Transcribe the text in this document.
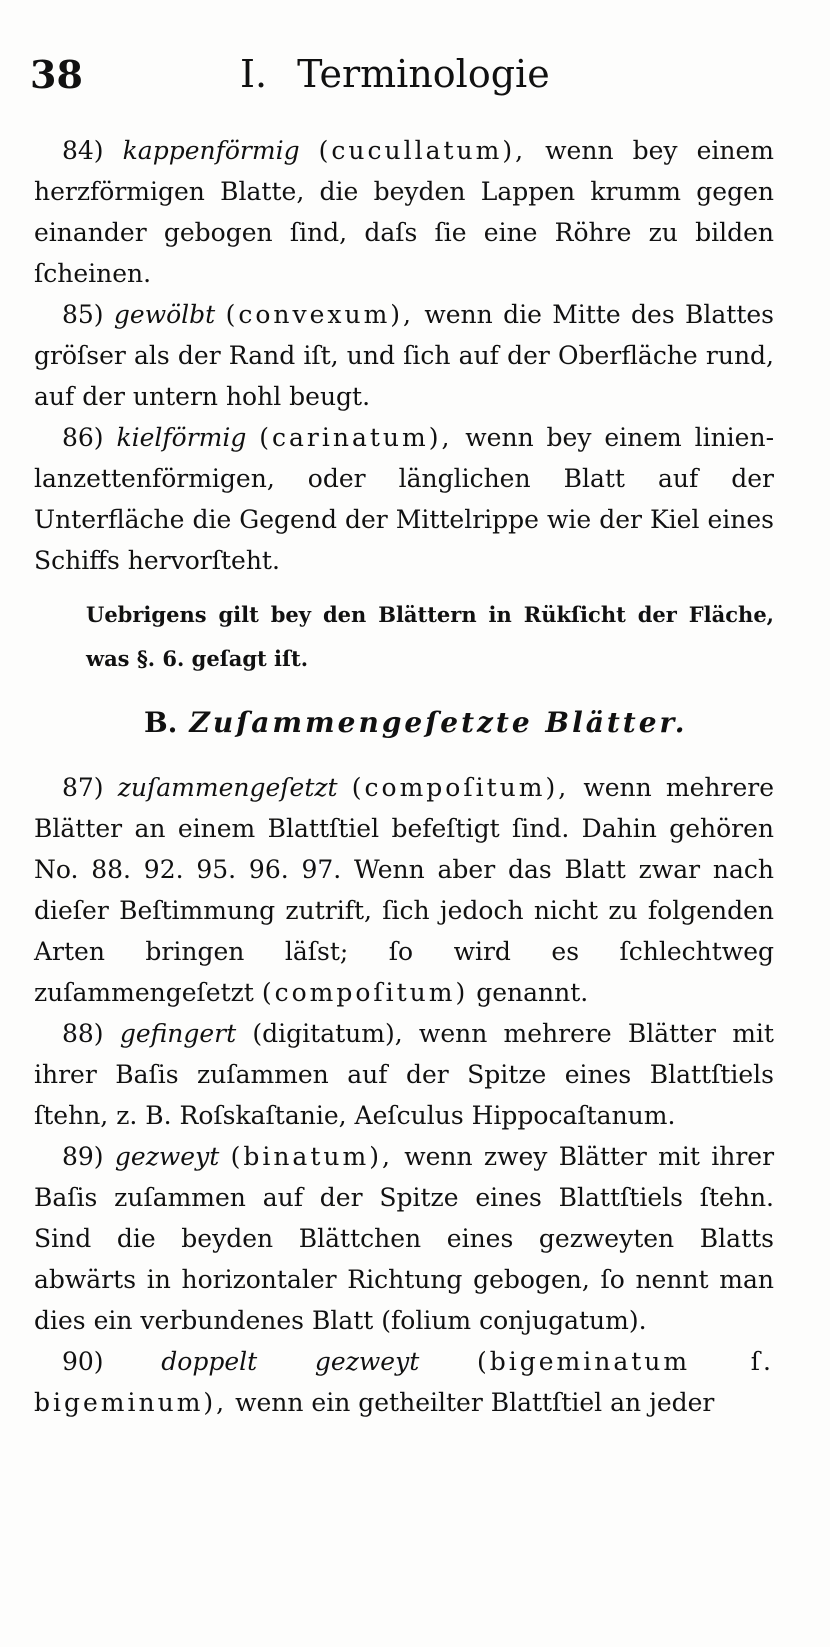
38	I. Terminologie

84) kappenförmig (cucullatum), wenn bey einem herzförmigen Blatte, die beyden Lappen krumm gegen einander gebogen ſind, daſs ſie eine Röhre zu bilden ſcheinen.

85) gewölbt (convexum), wenn die Mitte des Blattes gröſser als der Rand iſt, und ſich auf der Oberfläche rund, auf der untern hohl beugt.

86) kielförmig (carinatum), wenn bey einem linien- lanzettenförmigen, oder länglichen Blatt auf der Unterfläche die Gegend der Mittelrippe wie der Kiel eines Schiffs hervorſteht.

Uebrigens gilt bey den Blättern in Rükſicht der Fläche, was §. 6. geſagt iſt.

B. Zuſammengeſetzte Blätter.

87) zuſammengeſetzt (compoſitum), wenn mehrere Blätter an einem Blattſtiel befeſtigt ſind. Dahin gehören No. 88. 92. 95. 96. 97. Wenn aber das Blatt zwar nach dieſer Beſtimmung zutrift, ſich jedoch nicht zu folgenden Arten bringen läſst; ſo wird es ſchlechtweg zuſammengeſetzt (compoſitum) genannt.

88) gefingert (digitatum), wenn mehrere Blätter mit ihrer Baſis zuſammen auf der Spitze eines Blattſtiels ſtehn, z. B. Roſskaſtanie, Aeſculus Hippocaſtanum.

89) gezweyt (binatum), wenn zwey Blätter mit ihrer Baſis zuſammen auf der Spitze eines Blattſtiels ſtehn. Sind die beyden Blättchen eines gezweyten Blatts abwärts in horizontaler Richtung gebogen, ſo nennt man dies ein verbundenes Blatt (folium conjugatum).

90) doppelt gezweyt (bigeminatum ſ. bigeminum), wenn ein getheilter Blattſtiel an jeder
